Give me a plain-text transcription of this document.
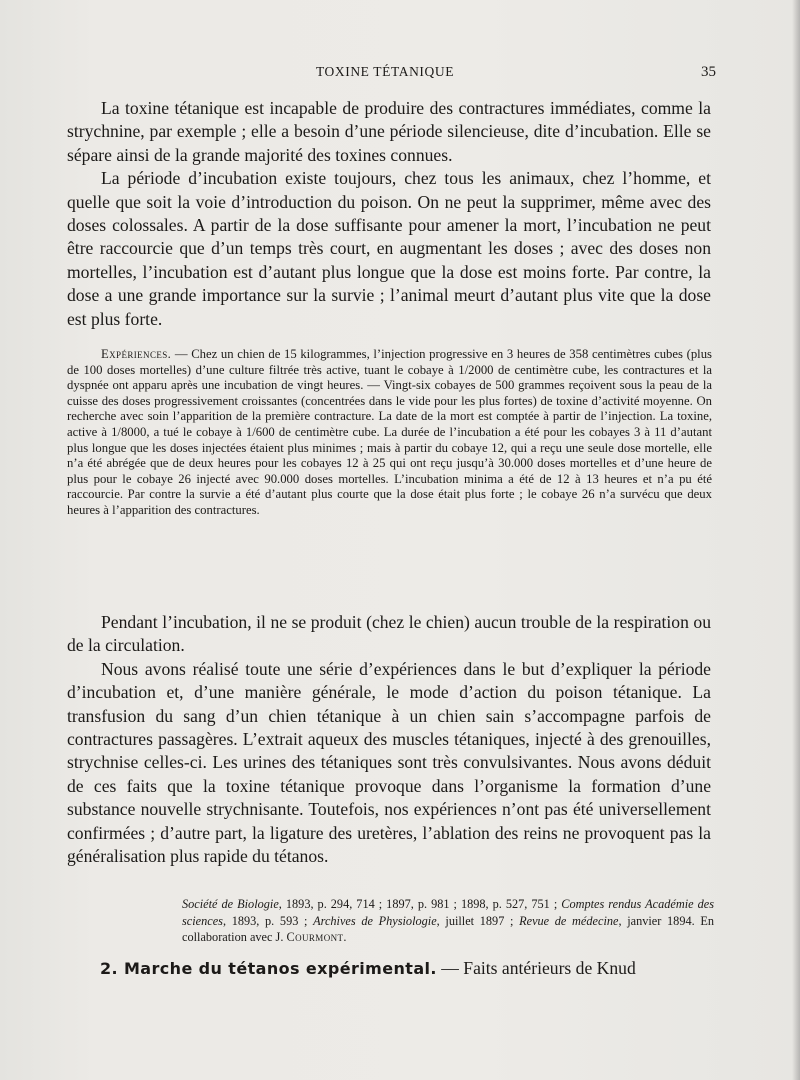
TOXINE TÉTANIQUE	35

La toxine tétanique est incapable de produire des contractures immédiates, comme la strychnine, par exemple ; elle a besoin d’une période silencieuse, dite d’incubation. Elle se sépare ainsi de la grande majorité des toxines connues.

La période d’incubation existe toujours, chez tous les animaux, chez l’homme, et quelle que soit la voie d’introduction du poison. On ne peut la supprimer, même avec des doses colossales. A partir de la dose suffisante pour amener la mort, l’incubation ne peut être raccourcie que d’un temps très court, en augmentant les doses ; avec des doses non mortelles, l’incubation est d’autant plus longue que la dose est moins forte. Par contre, la dose a une grande importance sur la survie ; l’animal meurt d’autant plus vite que la dose est plus forte.

Expériences. — Chez un chien de 15 kilogrammes, l’injection progressive en 3 heures de 358 centimètres cubes (plus de 100 doses mortelles) d’une culture filtrée très active, tuant le cobaye à 1/2000 de centimètre cube, les contractures et la dyspnée ont apparu après une incubation de vingt heures. — Vingt-six cobayes de 500 grammes reçoivent sous la peau de la cuisse des doses progressivement croissantes (concentrées dans le vide pour les plus fortes) de toxine d’activité moyenne. On recherche avec soin l’apparition de la première contracture. La date de la mort est comptée à partir de l’injection. La toxine, active à 1/8000, a tué le cobaye à 1/600 de centimètre cube. La durée de l’incubation a été pour les cobayes 3 à 11 d’autant plus longue que les doses injectées étaient plus minimes ; mais à partir du cobaye 12, qui a reçu une seule dose mortelle, elle n’a été abrégée que de deux heures pour les cobayes 12 à 25 qui ont reçu jusqu’à 30.000 doses mortelles et d’une heure de plus pour le cobaye 26 injecté avec 90.000 doses mortelles. L’incubation minima a été de 12 à 13 heures et n’a pu été raccourcie. Par contre la survie a été d’autant plus courte que la dose était plus forte ; le cobaye 26 n’a survécu que deux heures à l’apparition des contractures.

Pendant l’incubation, il ne se produit (chez le chien) aucun trouble de la respiration ou de la circulation.

Nous avons réalisé toute une série d’expériences dans le but d’expliquer la période d’incubation et, d’une manière générale, le mode d’action du poison tétanique. La transfusion du sang d’un chien tétanique à un chien sain s’accompagne parfois de contractures passagères. L’extrait aqueux des muscles tétaniques, injecté à des grenouilles, strychnise celles-ci. Les urines des tétaniques sont très convulsivantes. Nous avons déduit de ces faits que la toxine tétanique provoque dans l’organisme la formation d’une substance nouvelle strychnisante. Toutefois, nos expériences n’ont pas été universellement confirmées ; d’autre part, la ligature des uretères, l’ablation des reins ne provoquent pas la généralisation plus rapide du tétanos.

Société de Biologie, 1893, p. 294, 714 ; 1897, p. 981 ; 1898, p. 527, 751 ; Comptes rendus Académie des sciences, 1893, p. 593 ; Archives de Physiologie, juillet 1897 ; Revue de médecine, janvier 1894. En collaboration avec J. Courmont.

2. Marche du tétanos expérimental. — Faits antérieurs de Knud
